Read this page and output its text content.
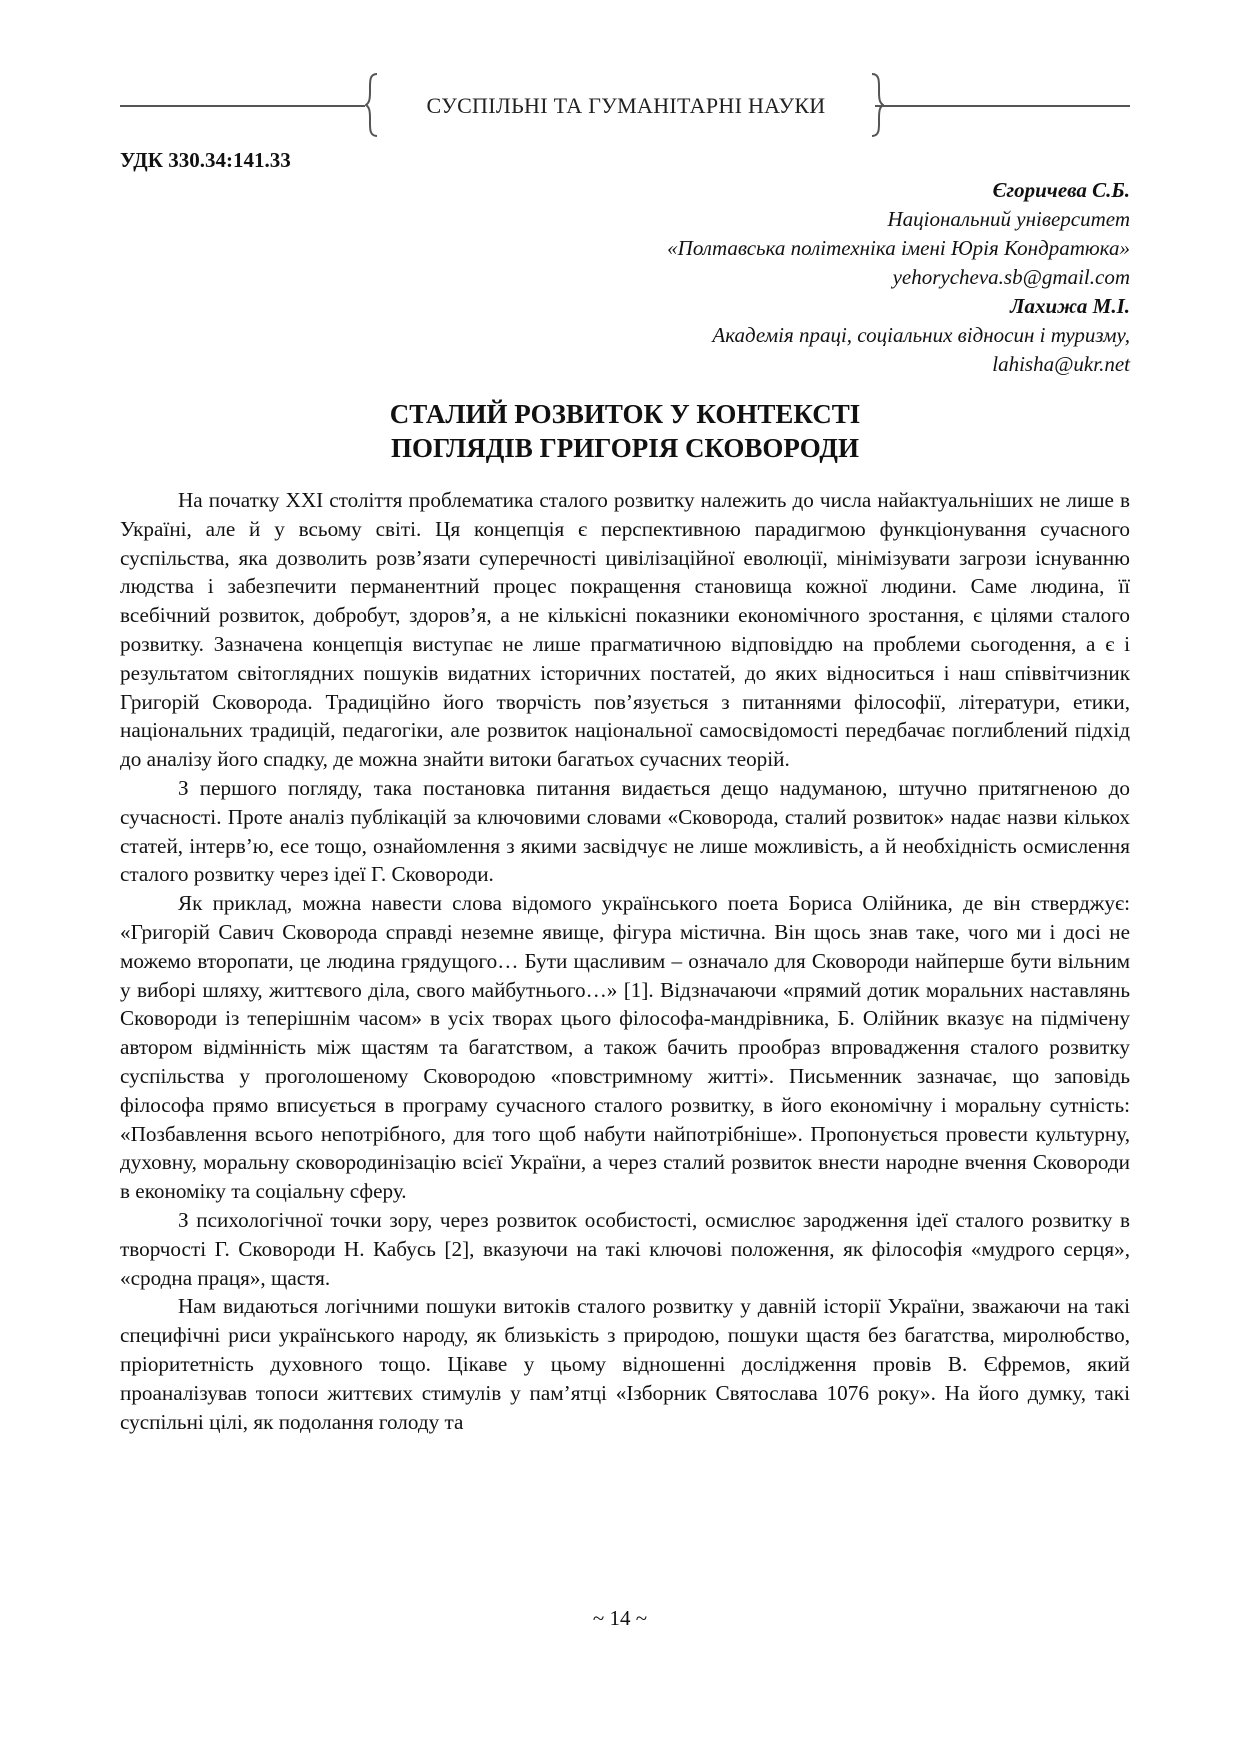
СУСПІЛЬНІ ТА ГУМАНІТАРНІ НАУКИ
УДК 330.34:141.33
Єгоричева С.Б.
Національний університет
«Полтавська політехніка імені Юрія Кондратюка»
yehorycheva.sb@gmail.com
Лахижа М.І.
Академія праці, соціальних відносин і туризму,
lahisha@ukr.net
СТАЛИЙ РОЗВИТОК У КОНТЕКСТІ
ПОГЛЯДІВ ГРИГОРІЯ СКОВОРОДИ

На початку ХХІ століття проблематика сталого розвитку належить до числа найактуальніших не лише в Україні, але й у всьому світі. Ця концепція є перспективною парадигмою функціонування сучасного суспільства, яка дозволить розв’язати суперечності цивілізаційної еволюції, мінімізувати загрози існуванню людства і забезпечити перманентний процес покращення становища кожної людини. Саме людина, її всебічний розвиток, добробут, здоров’я, а не кількісні показники економічного зростання, є цілями сталого розвитку. Зазначена концепція виступає не лише прагматичною відповіддю на проблеми сьогодення, а є і результатом світоглядних пошуків видатних історичних постатей, до яких відноситься і наш співвітчизник Григорій Сковорода. Традиційно його творчість пов’язується з питаннями філософії, літератури, етики, національних традицій, педагогіки, але розвиток національної самосвідомості передбачає поглиблений підхід до аналізу його спадку, де можна знайти витоки багатьох сучасних теорій.

З першого погляду, така постановка питання видається дещо надуманою, штучно притягненою до сучасності. Проте аналіз публікацій за ключовими словами «Сковорода, сталий розвиток» надає назви кількох статей, інтерв’ю, есе тощо, ознайомлення з якими засвідчує не лише можливість, а й необхідність осмислення сталого розвитку через ідеї Г. Сковороди.

Як приклад, можна навести слова відомого українського поета Бориса Олійника, де він стверджує: «Григорій Савич Сковорода справді неземне явище, фігура містична. Він щось знав таке, чого ми і досі не можемо второпати, це людина грядущого… Бути щасливим – означало для Сковороди найперше бути вільним у виборі шляху, життєвого діла, свого майбутнього…» [1]. Відзначаючи «прямий дотик моральних наставлянь Сковороди із теперішнім часом» в усіх творах цього філософа-мандрівника, Б. Олійник вказує на підмічену автором відмінність між щастям та багатством, а також бачить прообраз впровадження сталого розвитку суспільства у проголошеному Сковородою «повстримному житті». Письменник зазначає, що заповідь філософа прямо вписується в програму сучасного сталого розвитку, в його економічну і моральну сутність: «Позбавлення всього непотрібного, для того щоб набути найпотрібніше». Пропонується провести культурну, духовну, моральну сковородинізацію всієї України, а через сталий розвиток внести народне вчення Сковороди в економіку та соціальну сферу.

З психологічної точки зору, через розвиток особистості, осмислює зародження ідеї сталого розвитку в творчості Г. Сковороди Н. Кабусь [2], вказуючи на такі ключові положення, як філософія «мудрого серця», «сродна праця», щастя.

Нам видаються логічними пошуки витоків сталого розвитку у давній історії України, зважаючи на такі специфічні риси українського народу, як близькість з природою, пошуки щастя без багатства, миролюбство, пріоритетність духовного тощо. Цікаве у цьому відношенні дослідження провів В. Єфремов, який проаналізував топоси життєвих стимулів у пам’ятці «Ізборник Святослава 1076 року». На його думку, такі суспільні цілі, як подолання голоду та

~ 14 ~
